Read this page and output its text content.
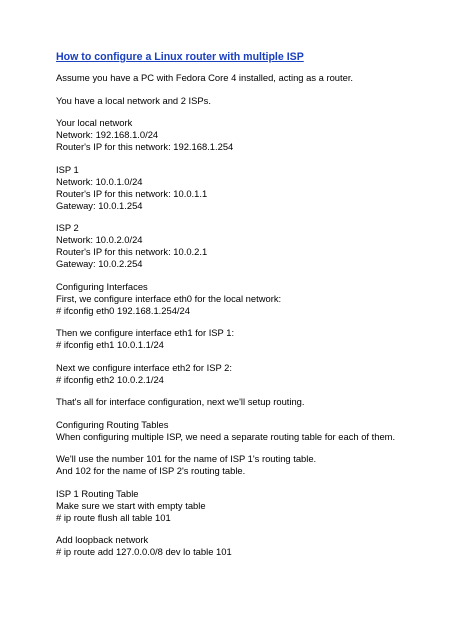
How to configure a Linux router with multiple ISP
Assume you have a PC with Fedora Core 4 installed, acting as a router.
You have a local network and 2 ISPs.
Your local network
Network: 192.168.1.0/24
Router's IP for this network: 192.168.1.254
ISP 1
Network: 10.0.1.0/24
Router's IP for this network: 10.0.1.1
Gateway: 10.0.1.254
ISP 2
Network: 10.0.2.0/24
Router's IP for this network: 10.0.2.1
Gateway: 10.0.2.254
Configuring Interfaces
First, we configure interface eth0 for the local network:
# ifconfig eth0 192.168.1.254/24
Then we configure interface eth1 for ISP 1:
# ifconfig eth1 10.0.1.1/24
Next we configure interface eth2 for ISP 2:
# ifconfig eth2 10.0.2.1/24
That's all for interface configuration, next we'll setup routing.
Configuring Routing Tables
When configuring multiple ISP, we need a separate routing table for each of them.
We'll use the number 101 for the name of ISP 1's routing table.
And 102 for the name of ISP 2's routing table.
ISP 1 Routing Table
Make sure we start with empty table
# ip route flush all table 101
Add loopback network
# ip route add 127.0.0.0/8 dev lo table 101
